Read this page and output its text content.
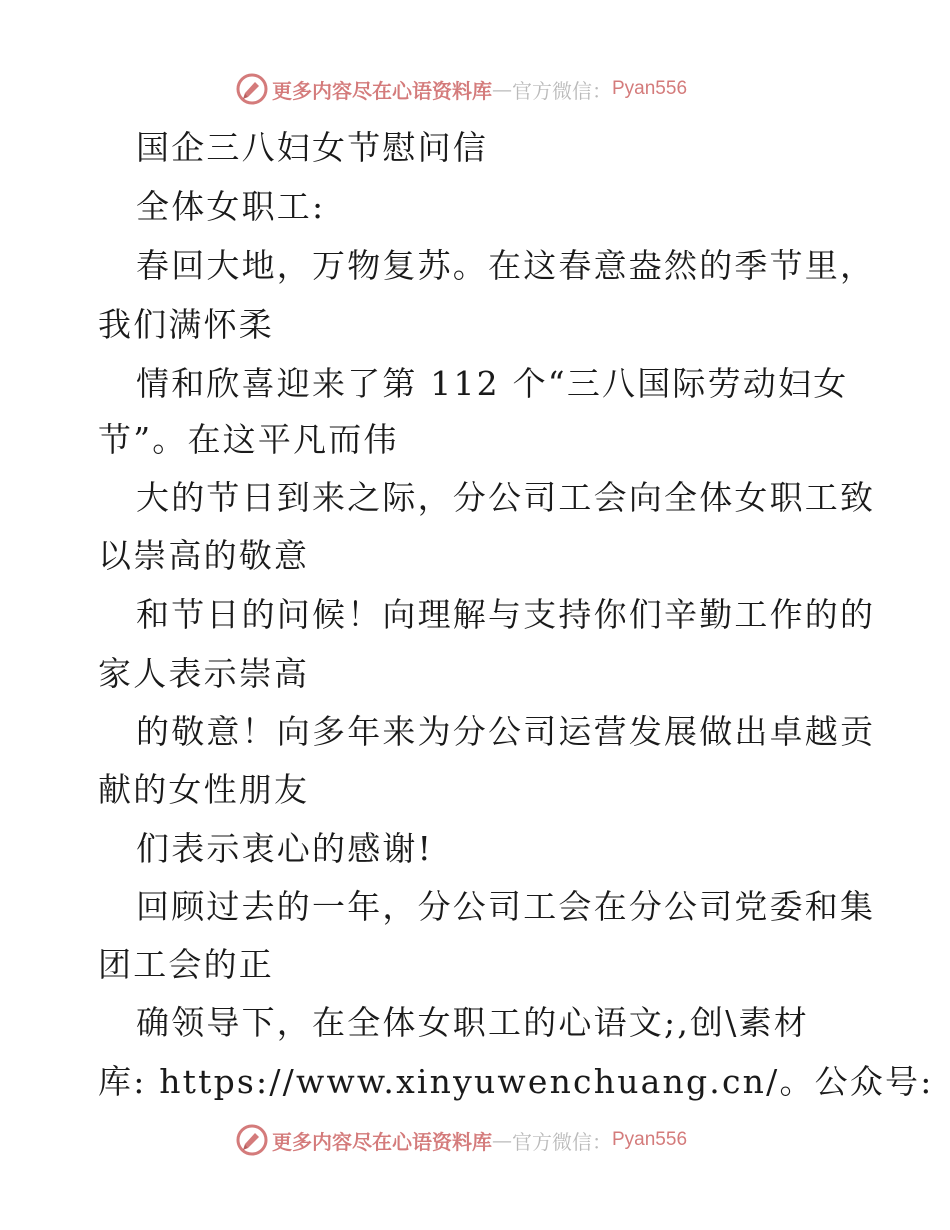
更多内容尽在心语资料库 — 官方微信： Pyan556
国企三八妇女节慰问信
全体女职工:
春回大地，万物复苏。在这春意盎然的季节里，
我们满怀柔
情和欣喜迎来了第 112 个“三八国际劳动妇女
节”。在这平凡而伟
大的节日到来之际，分公司工会向全体女职工致
以崇高的敬意
和节日的问候！向理解与支持你们辛勤工作的的
家人表示崇高
的敬意！向多年来为分公司运营发展做出卓越贡
献的女性朋友
们表示衷心的感谢!
回顾过去的一年，分公司工会在分公司党委和集
团工会的正
确领导下，在全体女职工的心语文;,创\素材
库: https://www.xinyuwenchuang.cn/。公众号:
更多内容尽在心语资料库 — 官方微信： Pyan556
